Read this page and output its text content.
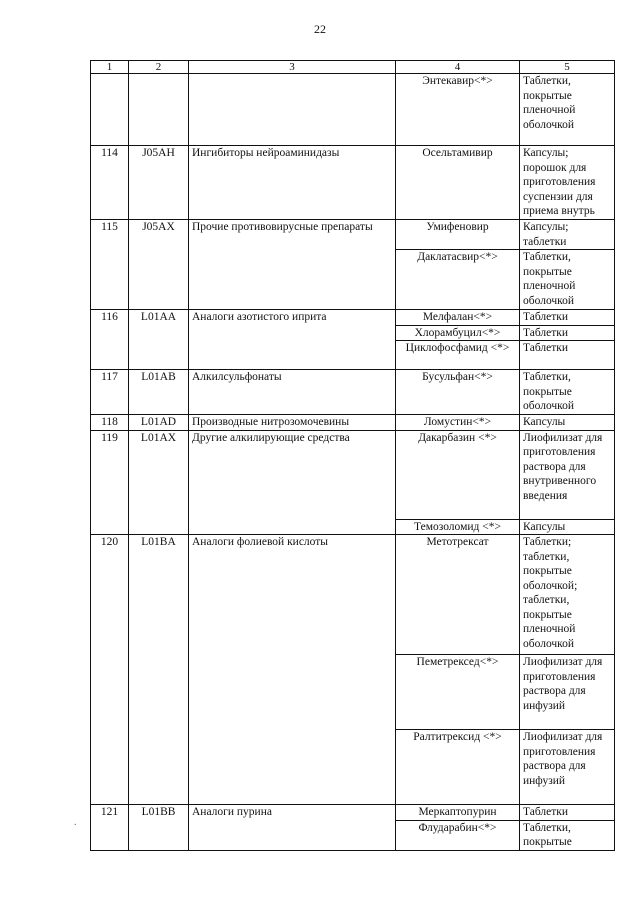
22
1	2	3	4	5
			Энтекавир<*>	Таблетки, покрытые пленочной оболочкой
114	J05AH	Ингибиторы нейроаминидазы	Осельтамивир	Капсулы; порошок для приготовления суспензии для приема внутрь
115	J05AX	Прочие противовирусные препараты	Умифеновир	Капсулы; таблетки
			Даклатасвир<*>	Таблетки, покрытые пленочной оболочкой
116	L01AA	Аналоги азотистого иприта	Мелфалан<*>	Таблетки
			Хлорамбуцил<*>	Таблетки
			Циклофосфамид <*>	Таблетки
117	L01AB	Алкилсульфонаты	Бусульфан<*>	Таблетки, покрытые оболочкой
118	L01AD	Производные нитрозомочевины	Ломустин<*>	Капсулы
119	L01AX	Другие алкилирующие средства	Дакарбазин <*>	Лиофилизат для приготовления раствора для внутривенного введения
			Темозоломид <*>	Капсулы
120	L01BA	Аналоги фолиевой кислоты	Метотрексат	Таблетки; таблетки, покрытые оболочкой; таблетки, покрытые пленочной оболочкой
			Пеметрексед<*>	Лиофилизат для приготовления раствора для инфузий
			Ралтитрексид <*>	Лиофилизат для приготовления раствора для инфузий
121	L01BB	Аналоги пурина	Меркаптопурин	Таблетки
			Флударабин<*>	Таблетки, покрытые
.
